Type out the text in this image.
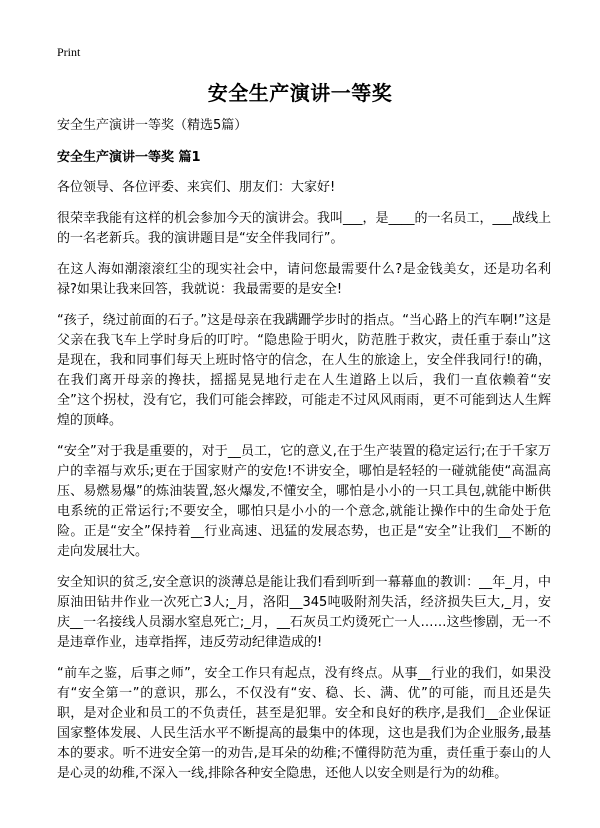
Print
安全生产演讲一等奖

安全生产演讲一等奖（精选5篇）

安全生产演讲一等奖 篇1

各位领导、各位评委、来宾们、朋友们：大家好!

很荣幸我能有这样的机会参加今天的演讲会。我叫___，是____的一名员工，___战线上的一名老新兵。我的演讲题目是“安全伴我同行”。

在这人海如潮滚滚红尘的现实社会中，请问您最需要什么?是金钱美女，还是功名利禄?如果让我来回答，我就说：我最需要的是安全!

“孩子，绕过前面的石子。”这是母亲在我蹒跚学步时的指点。“当心路上的汽车啊!”这是父亲在我飞车上学时身后的叮咛。“隐患险于明火，防范胜于救灾，责任重于泰山”这是现在，我和同事们每天上班时恪守的信念，在人生的旅途上，安全伴我同行!的确，在我们离开母亲的搀扶，摇摇晃晃地行走在人生道路上以后，我们一直依赖着“安全”这个拐杖，没有它，我们可能会摔跤，可能走不过风风雨雨，更不可能到达人生辉煌的顶峰。

“安全”对于我是重要的，对于__员工，它的意义,在于生产装置的稳定运行;在于千家万户的幸福与欢乐;更在于国家财产的安危!不讲安全，哪怕是轻轻的一碰就能使“高温高压、易燃易爆”的炼油装置,怒火爆发,不懂安全，哪怕是小小的一只工具包,就能中断供电系统的正常运行;不要安全，哪怕只是小小的一个意念,就能让操作中的生命处于危险。正是“安全”保持着__行业高速、迅猛的发展态势，也正是“安全”让我们__不断的走向发展壮大。

安全知识的贫乏,安全意识的淡薄总是能让我们看到听到一幕幕血的教训：__年_月，中原油田钻井作业一次死亡3人;_月，洛阳__345吨吸附剂失活，经济损失巨大,_月，安庆__一名接线人员溺水窒息死亡;_月，__石灰员工灼烫死亡一人……这些惨剧，无一不是违章作业，违章指挥，违反劳动纪律造成的!

“前车之鉴，后事之师”，安全工作只有起点，没有终点。从事__行业的我们，如果没有“安全第一”的意识，那么，不仅没有“安、稳、长、满、优”的可能，而且还是失职，是对企业和员工的不负责任，甚至是犯罪。安全和良好的秩序,是我们__企业保证国家整体发展、人民生活水平不断提高的最集中的体现，这也是我们为企业服务,最基本的要求。听不进安全第一的劝告,是耳朵的幼稚;不懂得防范为重，责任重于泰山的人是心灵的幼稚,不深入一线,排除各种安全隐患，还他人以安全则是行为的幼稚。
